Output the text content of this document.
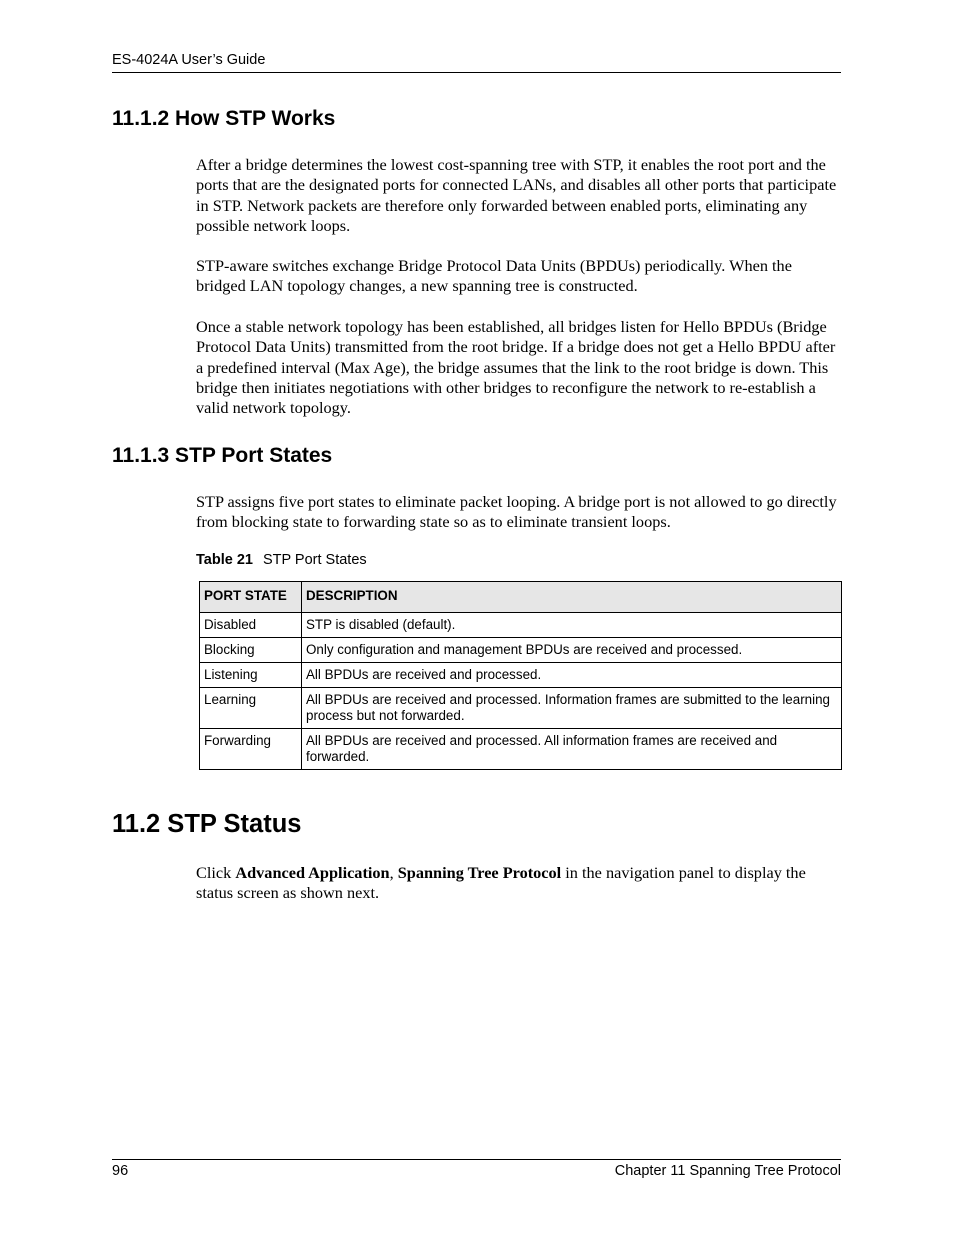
ES-4024A User’s Guide
11.1.2 How STP Works

After a bridge determines the lowest cost-spanning tree with STP, it enables the root port and the ports that are the designated ports for connected LANs, and disables all other ports that participate in STP. Network packets are therefore only forwarded between enabled ports, eliminating any possible network loops.

STP-aware switches exchange Bridge Protocol Data Units (BPDUs) periodically. When the bridged LAN topology changes, a new spanning tree is constructed.

Once a stable network topology has been established, all bridges listen for Hello BPDUs (Bridge Protocol Data Units) transmitted from the root bridge. If a bridge does not get a Hello BPDU after a predefined interval (Max Age), the bridge assumes that the link to the root bridge is down. This bridge then initiates negotiations with other bridges to reconfigure the network to re-establish a valid network topology.

11.1.3 STP Port States

STP assigns five port states to eliminate packet looping. A bridge port is not allowed to go directly from blocking state to forwarding state so as to eliminate transient loops.

Table 21 STP Port States
PORT STATE	DESCRIPTION
Disabled	STP is disabled (default).
Blocking	Only configuration and management BPDUs are received and processed.
Listening	All BPDUs are received and processed.
Learning	All BPDUs are received and processed. Information frames are submitted to the learning process but not forwarded.
Forwarding	All BPDUs are received and processed. All information frames are received and forwarded.
11.2 STP Status

Click Advanced Application, Spanning Tree Protocol in the navigation panel to display the status screen as shown next.

96	Chapter 11 Spanning Tree Protocol
